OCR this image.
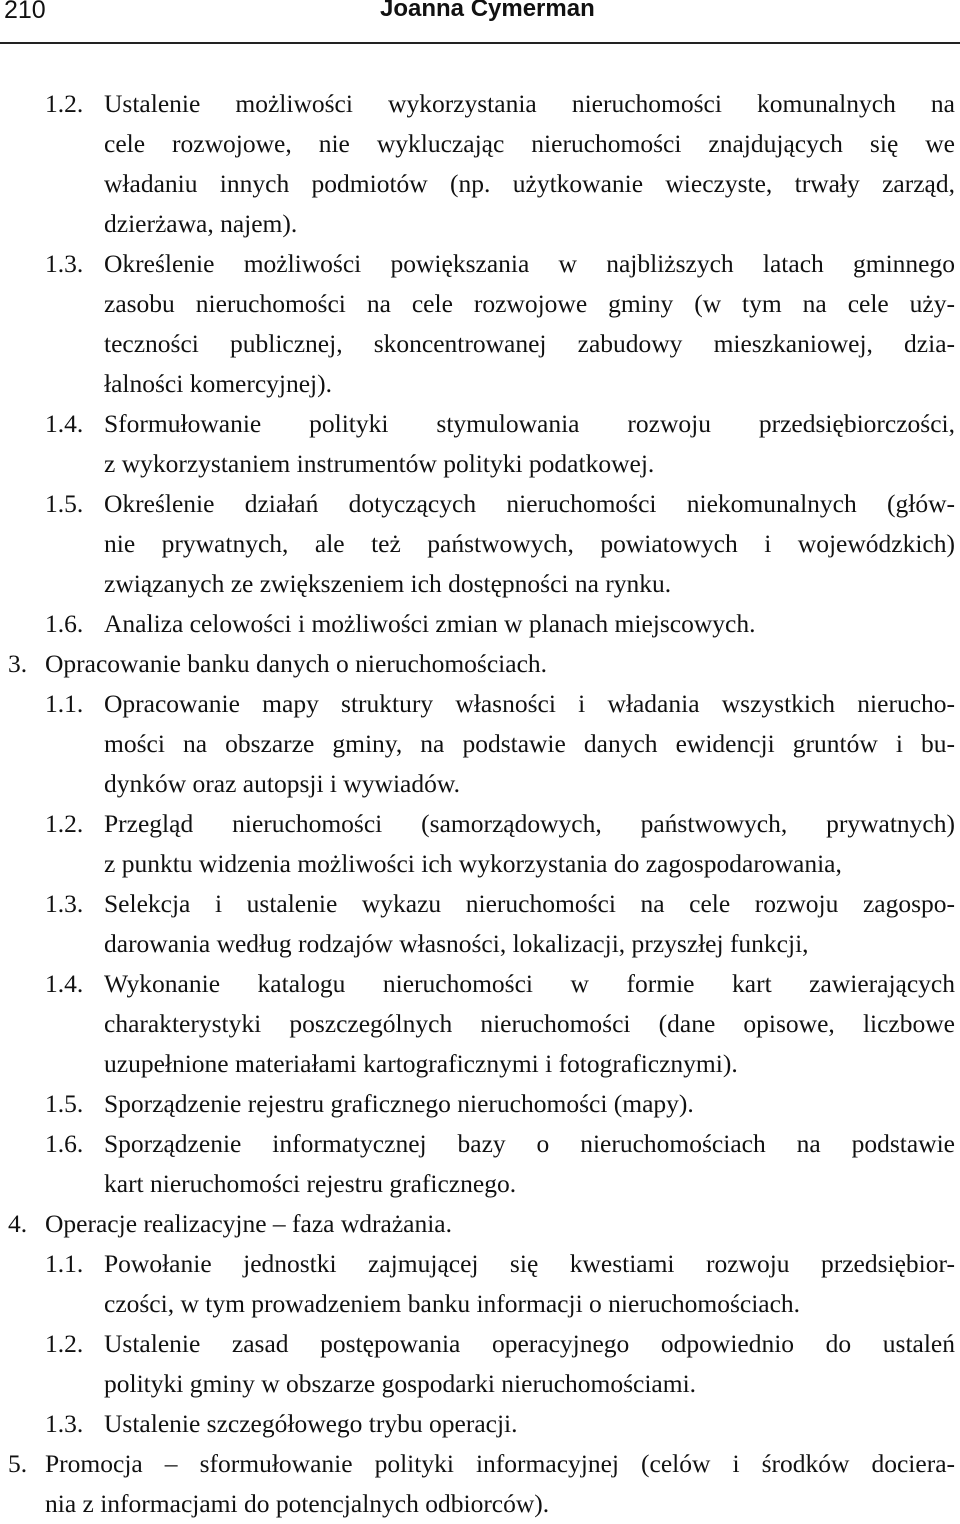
210	Joanna Cymerman
1.2. Ustalenie możliwości wykorzystania nieruchomości komunalnych na
cele rozwojowe, nie wykluczając nieruchomości znajdujących się we
władaniu innych podmiotów (np. użytkowanie wieczyste, trwały zarząd,
dzierżawa, najem).
1.3. Określenie możliwości powiększania w najbliższych latach gminnego
zasobu nieruchomości na cele rozwojowe gminy (w tym na cele uży-
teczności publicznej, skoncentrowanej zabudowy mieszkaniowej, dzia-
łalności komercyjnej).
1.4. Sformułowanie polityki stymulowania rozwoju przedsiębiorczości,
z wykorzystaniem instrumentów polityki podatkowej.
1.5. Określenie działań dotyczących nieruchomości niekomunalnych (głów-
nie prywatnych, ale też państwowych, powiatowych i wojewódzkich)
związanych ze zwiększeniem ich dostępności na rynku.
1.6. Analiza celowości i możliwości zmian w planach miejscowych.
3. Opracowanie banku danych o nieruchomościach.
1.1. Opracowanie mapy struktury własności i władania wszystkich nierucho-
mości na obszarze gminy, na podstawie danych ewidencji gruntów i bu-
dynków oraz autopsji i wywiadów.
1.2. Przegląd nieruchomości (samorządowych, państwowych, prywatnych)
z punktu widzenia możliwości ich wykorzystania do zagospodarowania,
1.3. Selekcja i ustalenie wykazu nieruchomości na cele rozwoju zagospo-
darowania według rodzajów własności, lokalizacji, przyszłej funkcji,
1.4. Wykonanie katalogu nieruchomości w formie kart zawierających
charakterystyki poszczególnych nieruchomości (dane opisowe, liczbowe
uzupełnione materiałami kartograficznymi i fotograficznymi).
1.5. Sporządzenie rejestru graficznego nieruchomości (mapy).
1.6. Sporządzenie informatycznej bazy o nieruchomościach na podstawie
kart nieruchomości rejestru graficznego.
4. Operacje realizacyjne – faza wdrażania.
1.1. Powołanie jednostki zajmującej się kwestiami rozwoju przedsiębior-
czości, w tym prowadzeniem banku informacji o nieruchomościach.
1.2. Ustalenie zasad postępowania operacyjnego odpowiednio do ustaleń
polityki gminy w obszarze gospodarki nieruchomościami.
1.3. Ustalenie szczegółowego trybu operacji.
5. Promocja – sformułowanie polityki informacyjnej (celów i środków dociera-
nia z informacjami do potencjalnych odbiorców).
